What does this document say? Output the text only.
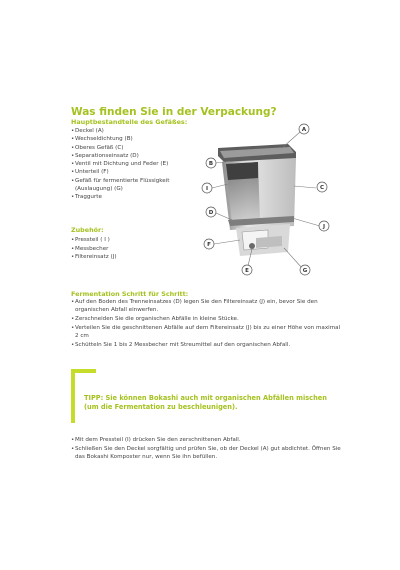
Was finden Sie in der Verpackung?
Hauptbestandteile des Gefäßes:
• Deckel (A)
• Wechseldichtung (B)
• Oberes Gefäß (C)
• Separationseinsatz (D)
• Ventil mit Dichtung und Feder (E)
• Unterteil (F)
• Gefäß für fermentierte Flüssigkeit
(Auslaugung) (G)
• Traggurte
Zubehör:
• Pressteil ( I )
• Messbecher
• Filtereinsatz (J)
A
B
C
I
D
J
F
E	G
Fermentation Schritt für Schritt:
• Auf den Boden des Trenneinsatzes (D) legen Sie den Filtereinsatz (J) ein, bevor Sie den organischen Abfall einwerfen.
• Zerschneiden Sie die organischen Abfälle in kleine Stücke.
• Verteilen Sie die geschnittenen Abfälle auf dem Filtereinsatz (J) bis zu einer Höhe von maximal 2 cm
• Schütteln Sie 1 bis 2 Messbecher mit Streumittel auf den organischen Abfall.
TIPP: Sie können Bokashi auch mit organischen Abfällen mischen (um die Fermentation zu beschleunigen).
• Mit dem Pressteil (I) drücken Sie den zerschnittenen Abfall.
• Schließen Sie den Deckel sorgfältig und prüfen Sie, ob der Deckel (A) gut abdichtet. Öffnen Sie das Bokashi Komposter nur, wenn Sie ihn befüllen.
